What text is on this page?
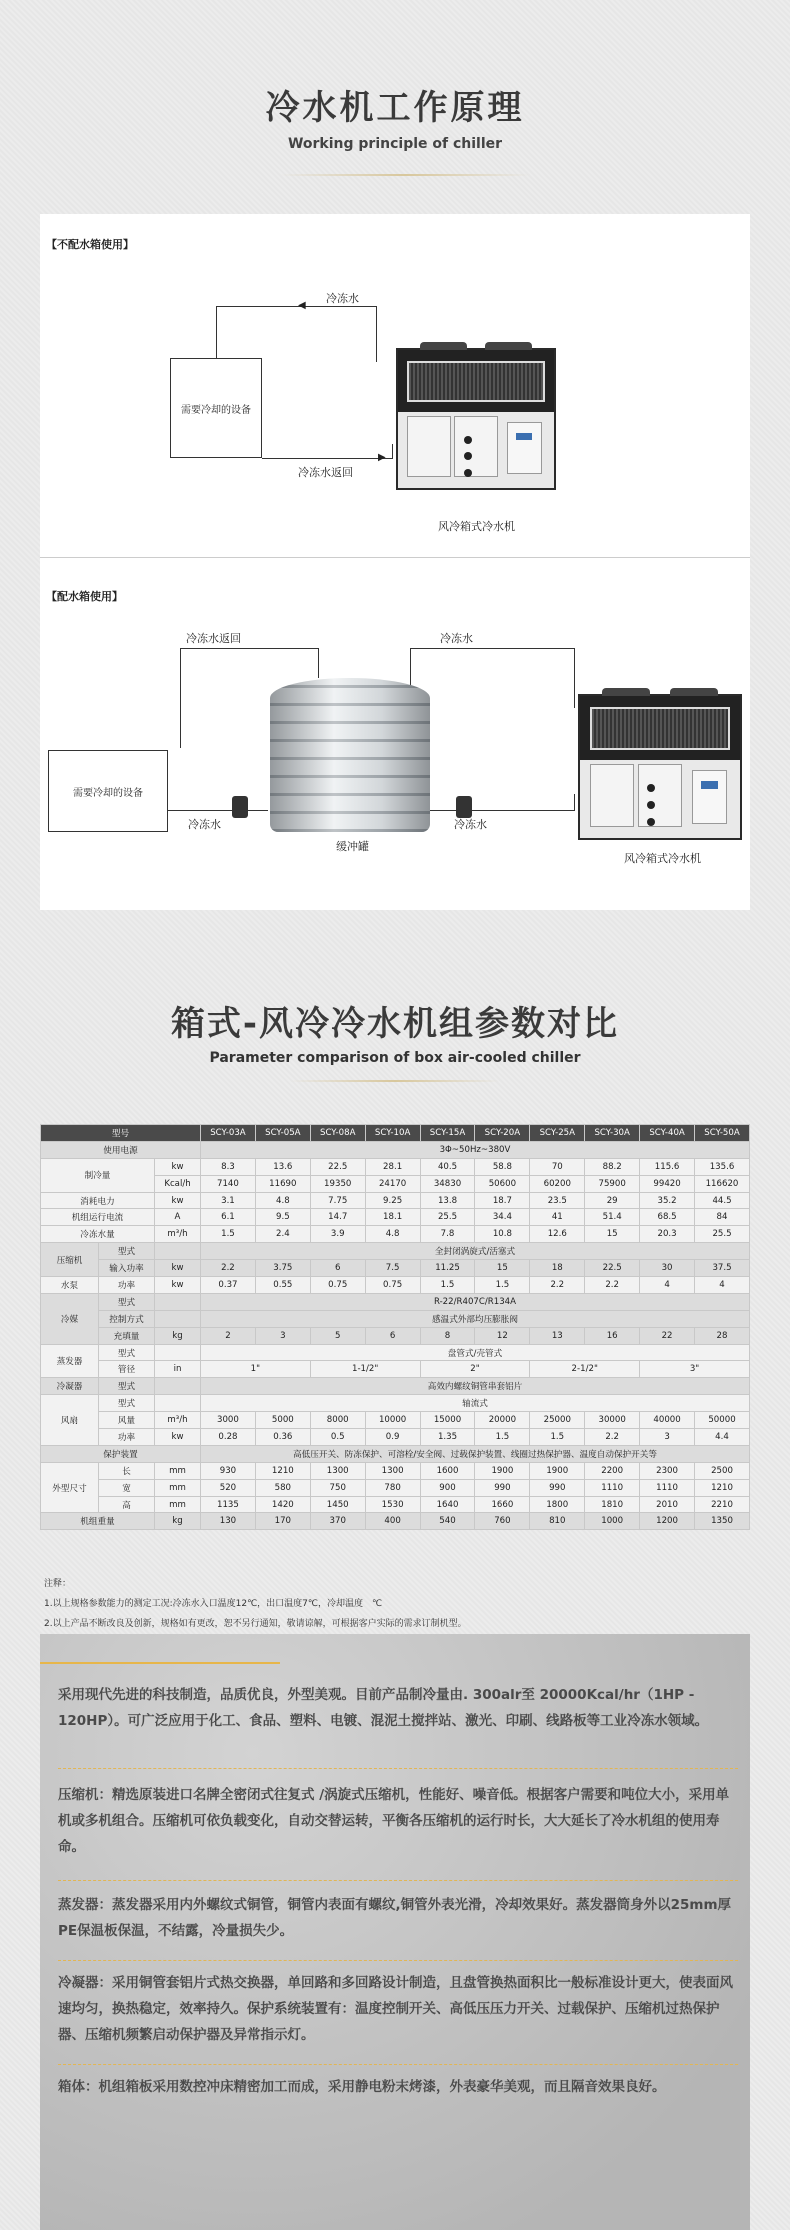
冷水机工作原理
Working principle of chiller
【不配水箱使用】
需要冷却的设备
冷冻水
◀
▶
冷冻水返回
风冷箱式冷水机
【配水箱使用】
需要冷却的设备
冷冻水返回	冷冻水
冷冻水	冷冻水
缓冲罐
风冷箱式冷水机
箱式-风冷冷水机组参数对比
Parameter comparison of box air-cooled chiller
型号			SCY-03A	SCY-05A	SCY-08A	SCY-10A	SCY-15A	SCY-20A	SCY-25A	SCY-30A	SCY-40A	SCY-50A
使用电源			3Φ~50Hz~380V									
制冷量		kw	8.3	13.6	22.5	28.1	40.5	58.8	70	88.2	115.6	135.6
		Kcal/h	7140	11690	19350	24170	34830	50600	60200	75900	99420	116620
消耗电力		kw	3.1	4.8	7.75	9.25	13.8	18.7	23.5	29	35.2	44.5
机组运行电流		A	6.1	9.5	14.7	18.1	25.5	34.4	41	51.4	68.5	84
冷冻水量		m³/h	1.5	2.4	3.9	4.8	7.8	10.8	12.6	15	20.3	25.5
压缩机	型式		全封闭涡旋式/活塞式									
	输入功率	kw	2.2	3.75	6	7.5	11.25	15	18	22.5	30	37.5
水泵	功率	kw	0.37	0.55	0.75	0.75	1.5	1.5	2.2	2.2	4	4
冷媒	型式		R-22/R407C/R134A									
	控制方式		感温式外部均压膨胀阀									
	充填量	kg	2	3	5	6	8	12	13	16	22	28
蒸发器	型式		盘管式/壳管式									
	管径	in	1"		1-1/2"		2"		2-1/2"		3"	
冷凝器	型式		高效内螺纹铜管串套铝片									
风扇	型式		轴流式									
	风量	m³/h	3000	5000	8000	10000	15000	20000	25000	30000	40000	50000
	功率	kw	0.28	0.36	0.5	0.9	1.35	1.5	1.5	2.2	3	4.4
保护装置			高低压开关、防冻保护、可溶栓/安全阀、过载保护装置、线圈过热保护器、温度自动保护开关等									
外型尺寸	长	mm	930	1210	1300	1300	1600	1900	1900	2200	2300	2500
	宽	mm	520	580	750	780	900	990	990	1110	1110	1210
	高	mm	1135	1420	1450	1530	1640	1660	1800	1810	2010	2210
机组重量		kg	130	170	370	400	540	760	810	1000	1200	1350
注释：
1.以上规格参数能力的测定工况:冷冻水入口温度12℃，出口温度7℃，冷却温度　℃
2.以上产品不断改良及创新，规格如有更改，恕不另行通知，敬请谅解，可根据客户实际的需求订制机型。
采用现代先进的科技制造，品质优良，外型美观。目前产品制冷量由. 300alr至 20000Kcal/hr（1HP - 120HP）。可广泛应用于化工、食品、塑料、电镀、混泥土搅拌站、激光、印刷、线路板等工业冷冻水领域。
压缩机：精选原装进口名牌全密闭式往复式 /涡旋式压缩机，性能好、噪音低。根据客户需要和吨位大小，采用单机或多机组合。压缩机可依负载变化，自动交替运转，平衡各压缩机的运行时长，大大延长了冷水机组的使用寿命。
蒸发器：蒸发器采用内外螺纹式铜管，铜管内表面有螺纹,铜管外表光滑，冷却效果好。蒸发器筒身外以25mm厚PE保温板保温，不结露，冷量损失少。
冷凝器：采用铜管套铝片式热交换器，单回路和多回路设计制造，且盘管换热面积比一般标准设计更大，使表面风速均匀，换热稳定，效率持久。保护系统装置有：温度控制开关、高低压压力开关、过载保护、压缩机过热保护器、压缩机频繁启动保护器及异常指示灯。
箱体：机组箱板采用数控冲床精密加工而成，采用静电粉末烤漆，外表豪华美观，而且隔音效果良好。
